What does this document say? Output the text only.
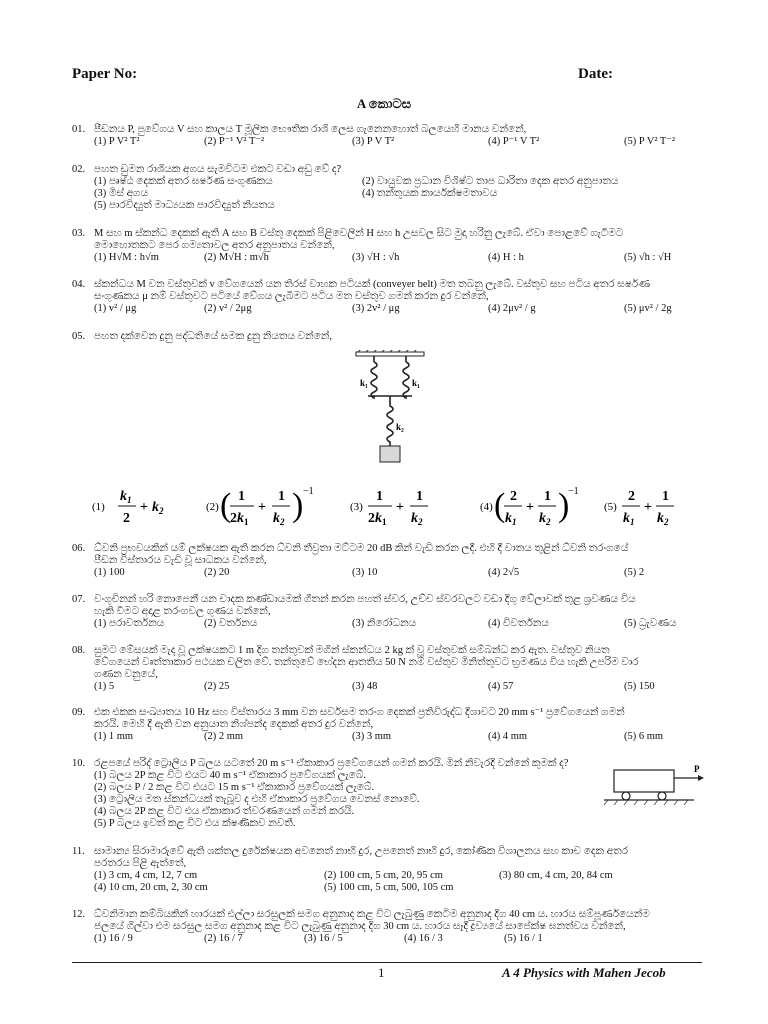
Paper No:	Date:
A කොටස
01. පීඩනය P, පුවේගය V සහ කාලය T මූලික භෞතික රාශි ලෙස ගැනෙනහොත් බලයෙහි මානය වන්නේ,
(1) P V² T²	(2) P⁻¹ V² T⁻²	(3) P V T²	(4) P⁻¹ V T²	(5) P V² T⁻²
02. පහත ඩුමන රාශියක අගය සැමවිටම එකට වඩා අඩු වේ ද?
(1) පෘෂ්ඨ දෙකක් අතර ඝර්ෂණ සංගුණකය	(2) වායුවක ප්‍රධාන විශිෂ්ට තාප ධාරිතා දෙක අතර අනුපාතය
(3) මිස් අගය	(4) තන්තුයක කාර්යක්ෂමතාවය
(5) පාරවිද්‍යුත් මාධ්‍යයක පාරවිද්‍යුත් නියතය
03. M සහ m ස්කන්ධ දෙකක් ඇති A සහ B වස්තු දෙකක් පිළිවෙලින් H සහ h උසවල සිට මුදා හරිනු ලැබේ. ඒවා පොළවේ ගැටීමට
මොහොතකට පෙර ගම්‍යතාවල අතර අනුපාතය වන්නේ,
(1) H√M : h√m	(2) M√H : m√h	(3) √H : √h	(4) H : h	(5) √h : √H
04. ස්කන්ධය M වන වස්තුවක් v වේගයෙන් යන තිරස් වාහක පටියක් (conveyer belt) මත තබනු ලැබේ. වස්තුව සහ පටිය අතර ඝර්ෂණ
සංගුණකය μ නම් වස්තුවට පටියේ වේගය ලැබීමට පටිය මත වස්තුව ගමන් කරන දුර වන්නේ,
(1) v² / μg	(2) v² / 2μg	(3) 2v² / μg	(4) 2μv² / g	(5) μv² / 2g
05. පහත දක්වෙන දුනු පද්ධතියේ සමක දුනු නියතය වන්නේ,
k₁	k₁
k₂
(1)
$k_1$
2
+ $k_2$	(2) ( 1
$2k_1$
+
1
$k_2$ ) −1
(3)
1
$2k_1$
+
1
$k_2$
(4) ( 2
$k_1$
+
1
$k_2$ )
−1
(5)
2
$k_1$
+
1
$k_2$
06. ධ්වනි ප්‍රභවයකින් යම් ලක්ෂයක ඇති කරන ධ්වනි තීව්‍රතා මට්ටම 20 dB කින් වැඩි කරන ලදී. එහි දී වාතය තුළින් ධ්වනි තරංගයේ
පීඩන විස්තාරය වැඩි වූ සාධකය වන්නේ,
(1) 100	(2) 20	(3) 10	(4) 2√5	(5) 2
07. වංගුචිනන් හරි නොපෙනී යන චාදක කණ්ඩායමක් ගීතන් කරන පහත් ස්වර, උච්ච ස්වරවලට වඩා දිගු වේලාවක් තුළ ශ්‍රවණය විය
හැකි වීමට අදාළ තරංගවල ගුණය වන්නේ,
(1) පරාවර්තනය	(2) වර්තනය	(3) නිරෝධනය	(4) විවර්තනය	(5) ධ්‍රැවණය
08. සුමට මේසයක් මැද වූ ලක්ෂයකට 1 m දිග තන්තුවක් මගින් ස්කන්ධය 2 kg ක් වූ වස්තුවක් සම්බන්ධ කර ඇත. වස්තුව නියත
වේගයෙන් වෘත්තාකාර පථයක චලිත වේ. තන්තුවේ භේදන ආතතිය 50 N නම් වස්තුව මිනිත්තුවට භ්‍රමණය විය හැකි උපරිම වාර
ගණන වනුයේ,
(1) 5	(2) 25	(3) 48	(4) 57	(5) 150
09. එක එකක සංඛ්‍යාතය 10 Hz සහ විස්තාරය 3 mm වන සර්වසම තරංග දෙකක් ප්‍රතිවිරුද්ධ දිශාවට 20 mm s⁻¹ ප්‍රවේගයෙන් ගමන්
කරයි. මෙහි දී ඇති වන අනුයාත නිශ්පන්ද දෙකක් අතර දුර වන්නේ,
(1) 1 mm	(2) 2 mm	(3) 3 mm	(4) 4 mm	(5) 6 mm
10. රළපයේ පරිද් ට්‍රොලිය P බලය යටතේ 20 m s⁻¹ ඒකාකාර ප්‍රවේගයෙන් ගමන් කරයි. මින් නිවැරදි වන්නේ කුමක් ද?
(1) බලය 2P කළ විට එයට 40 m s⁻¹ ඒකාකාර ප්‍රවේගයක් ලැබේ.
(2) බලය P / 2 කළ විට එයට 15 m s⁻¹ ඒකාකාර ප්‍රවේගයක් ලැබේ.
(3) ට්‍රොලිය මත ස්කන්ධයක් තැබූව ද එහි ඒකාකාර ප්‍රවේගය වෙනස් නොවේ.
(4) බලය 2P කළ විට එය ඒකාකාර ත්වරණයෙන් ගමන් කරයි.
(5) P බලය ඉවත් කළ විට එය ක්ෂණිකව නවතී.
P
11. සාමාන්‍ය සිරාමාරුවේ ඇති ශක්තල දුරේක්ෂයක අවනෙත් නාභි දුර, උපනෙත් නාභි දුර, කෝණික විශාලනය සහ කාච දෙක අතර
පරතරය පිළි ඇත්තේ,
(1) 3 cm, 4 cm, 12, 7 cm	(2) 100 cm, 5 cm, 20, 95 cm	(3) 80 cm, 4 cm, 20, 84 cm
(4) 10 cm, 20 cm, 2, 30 cm	(5) 100 cm, 5 cm, 500, 105 cm
12. ධ්වනිමාන කම්බියකින් හාරයක් එල්ලා සරසුලක් සමග අනුනාද කළ විට ලැබුණු කෙටිම අනුනාද දිග 40 cm ය. හාරය සම්පූර්ණයෙන්ම
ජලයේ ගිල්වා එම සරසුල සමග අනුනාද කළ විට ලැබුණු අනුනාද දිග 30 cm ය. හාරය සෑදී ද්‍රව්‍යයේ සාපේක්ෂ ඝනත්වය වන්නේ,
(1) 16 / 9	(2) 16 / 7	(3) 16 / 5	(4) 16 / 3	(5) 16 / 1
1	A 4 Physics with Mahen Jecob
